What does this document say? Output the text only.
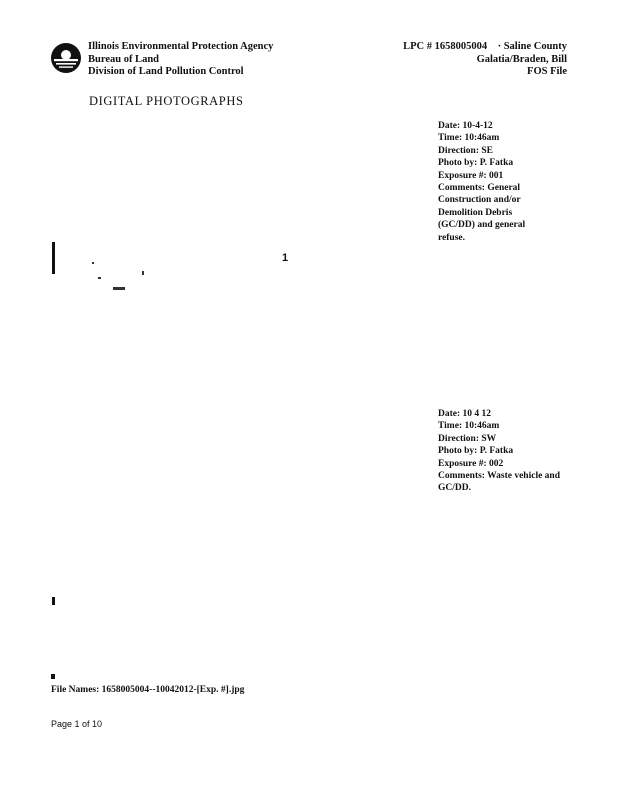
Illinois Environmental Protection Agency
Bureau of Land
Division of Land Pollution Control
LPC # 1658005004    · Saline County
Galatia/Braden, Bill
FOS File
DIGITAL PHOTOGRAPHS
Date: 10-4-12
Time: 10:46am
Direction: SE
Photo by: P. Fatka
Exposure #: 001
Comments: General Construction and/or Demolition Debris (GC/DD) and general refuse.
1
Date: 10 4 12
Time: 10:46am
Direction: SW
Photo by: P. Fatka
Exposure #: 002
Comments: Waste vehicle and GC/DD.
File Names: 1658005004--10042012-[Exp. #].jpg
Page 1 of 10
